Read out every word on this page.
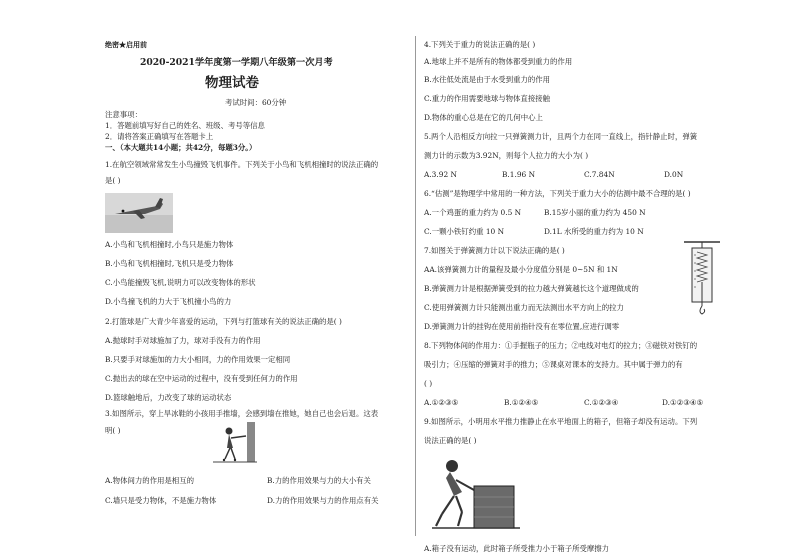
绝密★启用前
2020-2021学年度第一学期八年级第一次月考
物理试卷
考试时间：60分钟
注意事项：
1．答题前填写好自己的姓名、班级、考号等信息
2．请将答案正确填写在答题卡上
一、（本大题共14小题；共42分，每题3分。）
1.在航空领域常常发生小鸟撞毁飞机事件。下列关于小鸟和飞机相撞时的说法正确的
是( )
A.小鸟和飞机相撞时,小鸟只是施力物体
B.小鸟和飞机相撞时,飞机只是受力物体
C.小鸟能撞毁飞机,说明力可以改变物体的形状
D.小鸟撞飞机的力大于飞机撞小鸟的力
2.打篮球是广大青少年喜爱的运动，下列与打篮球有关的说法正确的是( )
A.抛球时手对球施加了力，球对手没有力的作用
B.只要手对球施加的力大小相同，力的作用效果一定相同
C.抛出去的球在空中运动的过程中，没有受到任何力的作用
D.篮球触地后，力改变了球的运动状态
3.如图所示，穿上旱冰鞋的小孩用手推墙，会感到墙在推她，她自己也会后退。这表
明( )
A.物体间力的作用是相互的	B.力的作用效果与力的大小有关
C.墙只是受力物体，不是施力物体	D.力的作用效果与力的作用点有关
4.下列关于重力的说法正确的是( )
A.地球上并不是所有的物体都受到重力的作用
B.水往低处流是由于水受到重力的作用
C.重力的作用需要地球与物体直接接触
D.物体的重心总是在它的几何中心上
5.两个人沿相反方向拉一只弹簧测力计，且两个力在同一直线上，指针静止时，弹簧
测力计的示数为3.92N，则每个人拉力的大小为( )
A.3.92 N	B.1.96 N	C.7.84N	D.0N
6.“估测”是物理学中常用的一种方法，下列关于重力大小的估测中最不合理的是( )
A.一个鸡蛋的重力约为 0.5 N	B.15岁小丽的重力约为 450 N
C.一颗小铁钉约重 10 N	D.1L 水所受的重力约为 10 N
7.如图关于弹簧测力计以下说法正确的是( )
AA.该弹簧测力计的量程及最小分度值分别是 0~5N 和 1N
B.弹簧测力计是根据弹簧受到的拉力越大弹簧越长这个道理做成的
C.使用弹簧测力计只能测出重力而无法测出水平方向上的拉力
D.弹簧测力计的挂钩在使用前指针没有在零位置,应进行调零
8.下列物体间的作用力：①手握瓶子的压力；②电线对电灯的拉力；③磁铁对铁钉的
吸引力；④压缩的弹簧对手的推力；⑤课桌对课本的支持力。其中属于弹力的有
( )
A.①②③⑤	B.①②④⑤	C.①②③④	D.①②③④⑤
9.如图所示，小明用水平推力推静止在水平地面上的箱子，但箱子却没有运动。下列
说法正确的是( )
A.箱子没有运动，此时箱子所受推力小于箱子所受摩擦力
